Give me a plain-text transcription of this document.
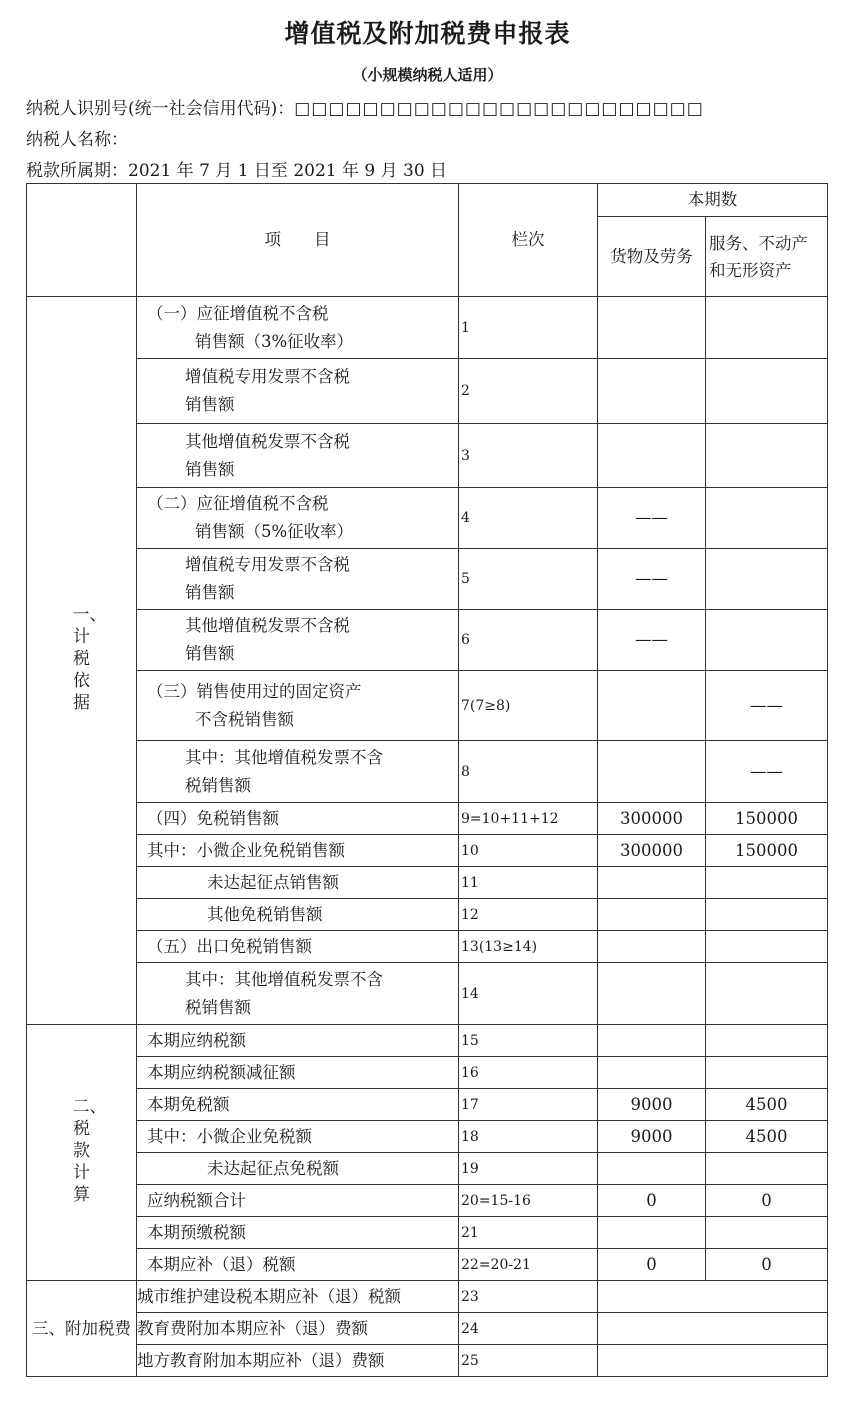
增值税及附加税费申报表
（小规模纳税人适用）
纳税人识别号(统一社会信用代码)：□□□□□□□□□□□□□□□□□□□□□□□□
纳税人名称：
税款所属期：2021 年 7 月 1 日至 2021 年 9 月 30 日
	项　　目	栏次	本期数	
			货物及劳务	服务、不动产
和无形资产

一、计税依据	（一）应征增值税不含税
销售额（3%征收率）	1		

	增值税专用发票不含税
销售额	2		

	其他增值税发票不含税
销售额	3		

	（二）应征增值税不含税
销售额（5%征收率）	4	——	

	增值税专用发票不含税
销售额	5	——	

	其他增值税发票不含税
销售额	6	——	

	（三）销售使用过的固定资产
不含税销售额	7(7≥8)		——

	其中：其他增值税发票不含
税销售额	8		——

	（四）免税销售额	9=10+11+12	300000	150000

	其中：小微企业免税销售额	10	300000	150000

	未达起征点销售额	11		

	其他免税销售额	12		

	（五）出口免税销售额	13(13≥14)		

	其中：其他增值税发票不含
税销售额	14		
二、税款计算	本期应纳税额	15		

	本期应纳税额减征额	16		

	本期免税额	17	9000	4500

	其中：小微企业免税额	18	9000	4500

	未达起征点免税额	19		

	应纳税额合计	20=15-16	0	0

	本期预缴税额	21		

	本期应补（退）税额	22=20-21	0	0
三、附加税费	城市维护建设税本期应补（退）税额	23		

	教育费附加本期应补（退）费额	24		

	地方教育附加本期应补（退）费额	25		
